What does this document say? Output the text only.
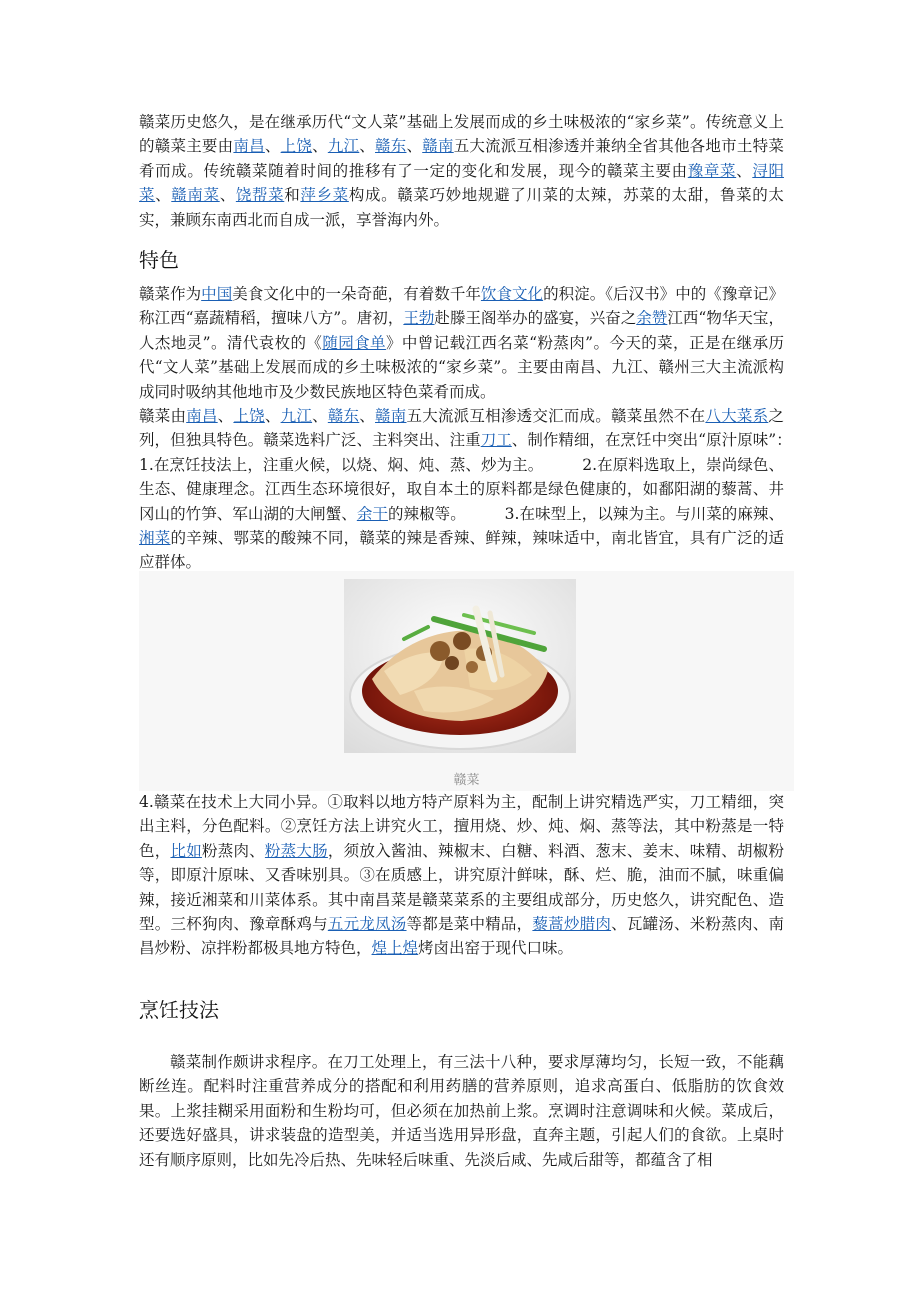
赣菜历史悠久，是在继承历代“文人菜”基础上发展而成的乡土味极浓的“家乡菜”。传统意义上的赣菜主要由南昌、上饶、九江、赣东、赣南五大流派互相渗透并兼纳全省其他各地市土特菜肴而成。传统赣菜随着时间的推移有了一定的变化和发展，现今的赣菜主要由豫章菜、浔阳菜、赣南菜、饶帮菜和萍乡菜构成。赣菜巧妙地规避了川菜的太辣，苏菜的太甜，鲁菜的太实，兼顾东南西北而自成一派，享誉海内外。

特色

赣菜作为中国美食文化中的一朵奇葩，有着数千年饮食文化的积淀。《后汉书》中的《豫章记》称江西“嘉蔬精稻，擅味八方”。唐初，王勃赴滕王阁举办的盛宴，兴奋之余赞江西“物华天宝，人杰地灵”。清代袁枚的《随园食单》中曾记载江西名菜“粉蒸肉”。今天的菜，正是在继承历代“文人菜”基础上发展而成的乡土味极浓的“家乡菜”。主要由南昌、九江、赣州三大主流派构成同时吸纳其他地市及少数民族地区特色菜肴而成。

赣菜由南昌、上饶、九江、赣东、赣南五大流派互相渗透交汇而成。赣菜虽然不在八大菜系之列，但独具特色。赣菜选料广泛、主料突出、注重刀工、制作精细，在烹饪中突出“原汁原味”：　　　1.在烹饪技法上，注重火候，以烧、焖、炖、蒸、炒为主。　　　2.在原料选取上，崇尚绿色、生态、健康理念。江西生态环境很好，取自本土的原料都是绿色健康的，如鄱阳湖的藜蒿、井冈山的竹笋、军山湖的大闸蟹、余干的辣椒等。　　　3.在味型上，以辣为主。与川菜的麻辣、湘菜的辛辣、鄂菜的酸辣不同，赣菜的辣是香辣、鲜辣，辣味适中，南北皆宜，具有广泛的适应群体。

赣菜

4.赣菜在技术上大同小异。①取料以地方特产原料为主，配制上讲究精选严实，刀工精细，突出主料，分色配料。②烹饪方法上讲究火工，擅用烧、炒、炖、焖、蒸等法，其中粉蒸是一特色，比如粉蒸肉、粉蒸大肠，须放入酱油、辣椒末、白糖、料酒、葱末、姜末、味精、胡椒粉等，即原汁原味、又香味别具。③在质感上，讲究原汁鲜味，酥、烂、脆，油而不腻，味重偏辣，接近湘菜和川菜体系。其中南昌菜是赣菜菜系的主要组成部分，历史悠久，讲究配色、造型。三杯狗肉、豫章酥鸡与五元龙凤汤等都是菜中精品，藜蒿炒腊肉、瓦罐汤、米粉蒸肉、南昌炒粉、凉拌粉都极具地方特色，煌上煌烤卤出窑于现代口味。

烹饪技法

赣菜制作颇讲求程序。在刀工处理上，有三法十八种，要求厚薄均匀，长短一致，不能藕断丝连。配料时注重营养成分的搭配和利用药膳的营养原则，追求高蛋白、低脂肪的饮食效果。上浆挂糊采用面粉和生粉均可，但必须在加热前上浆。烹调时注意调味和火候。菜成后，还要选好盛具，讲求装盘的造型美，并适当选用异形盘，直奔主题，引起人们的食欲。上桌时还有顺序原则，比如先冷后热、先味轻后味重、先淡后咸、先咸后甜等，都蕴含了相
